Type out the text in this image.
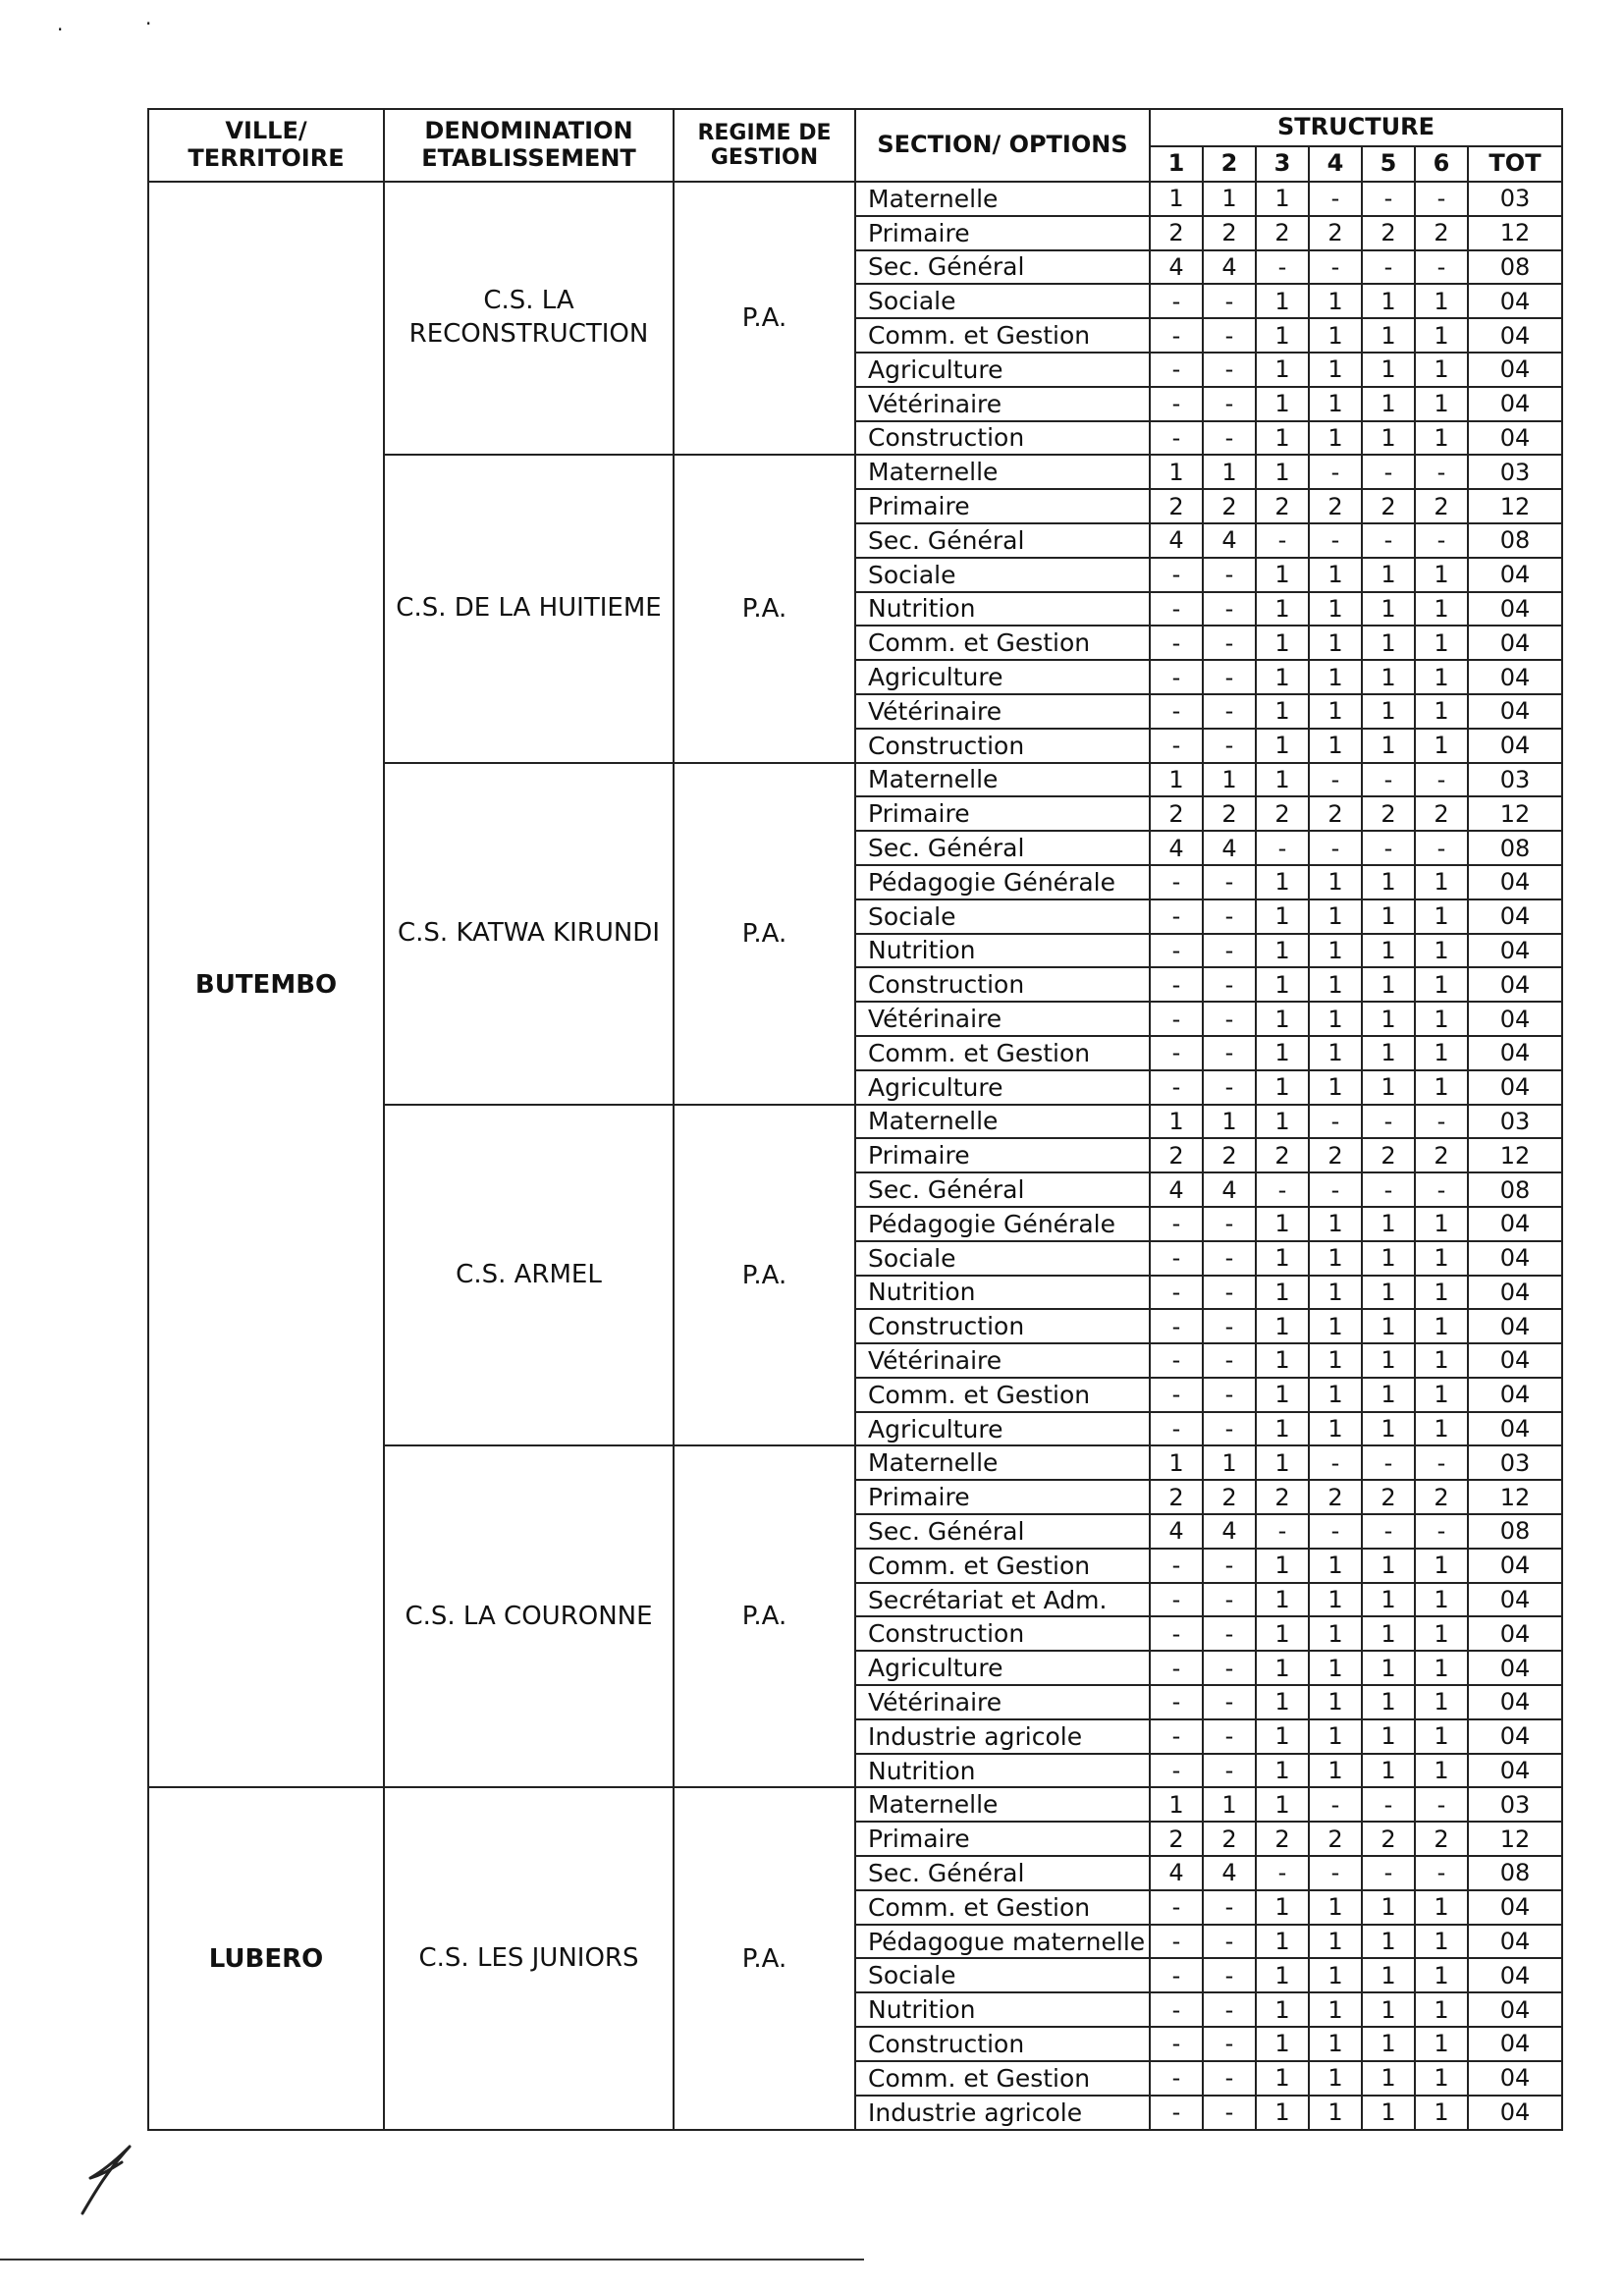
·	·
VILLE/ TERRITOIRE	DENOMINATION ETABLISSEMENT	REGIME DE GESTION	SECTION/ OPTIONS	STRUCTURE						
				1	2	3	4	5	6	TOT
BUTEMBO	C.S. LA RECONSTRUCTION	P.A.	Maternelle	1	1	1	-	-	-	03
			Primaire	2	2	2	2	2	2	12
			Sec. Général	4	4	-	-	-	-	08
			Sociale	-	-	1	1	1	1	04
			Comm. et Gestion	-	-	1	1	1	1	04
			Agriculture	-	-	1	1	1	1	04
			Vétérinaire	-	-	1	1	1	1	04
			Construction	-	-	1	1	1	1	04
	C.S. DE LA HUITIEME	P.A.	Maternelle	1	1	1	-	-	-	03
			Primaire	2	2	2	2	2	2	12
			Sec. Général	4	4	-	-	-	-	08
			Sociale	-	-	1	1	1	1	04
			Nutrition	-	-	1	1	1	1	04
			Comm. et Gestion	-	-	1	1	1	1	04
			Agriculture	-	-	1	1	1	1	04
			Vétérinaire	-	-	1	1	1	1	04
			Construction	-	-	1	1	1	1	04
	C.S. KATWA KIRUNDI	P.A.	Maternelle	1	1	1	-	-	-	03
			Primaire	2	2	2	2	2	2	12
			Sec. Général	4	4	-	-	-	-	08
			Pédagogie Générale	-	-	1	1	1	1	04
			Sociale	-	-	1	1	1	1	04
			Nutrition	-	-	1	1	1	1	04
			Construction	-	-	1	1	1	1	04
			Vétérinaire	-	-	1	1	1	1	04
			Comm. et Gestion	-	-	1	1	1	1	04
			Agriculture	-	-	1	1	1	1	04
	C.S. ARMEL	P.A.	Maternelle	1	1	1	-	-	-	03
			Primaire	2	2	2	2	2	2	12
			Sec. Général	4	4	-	-	-	-	08
			Pédagogie Générale	-	-	1	1	1	1	04
			Sociale	-	-	1	1	1	1	04
			Nutrition	-	-	1	1	1	1	04
			Construction	-	-	1	1	1	1	04
			Vétérinaire	-	-	1	1	1	1	04
			Comm. et Gestion	-	-	1	1	1	1	04
			Agriculture	-	-	1	1	1	1	04
	C.S. LA COURONNE	P.A.	Maternelle	1	1	1	-	-	-	03
			Primaire	2	2	2	2	2	2	12
			Sec. Général	4	4	-	-	-	-	08
			Comm. et Gestion	-	-	1	1	1	1	04
			Secrétariat et Adm.	-	-	1	1	1	1	04
			Construction	-	-	1	1	1	1	04
			Agriculture	-	-	1	1	1	1	04
			Vétérinaire	-	-	1	1	1	1	04
			Industrie agricole	-	-	1	1	1	1	04
			Nutrition	-	-	1	1	1	1	04
LUBERO	C.S. LES JUNIORS	P.A.	Maternelle	1	1	1	-	-	-	03
			Primaire	2	2	2	2	2	2	12
			Sec. Général	4	4	-	-	-	-	08
			Comm. et Gestion	-	-	1	1	1	1	04
			Pédagogue maternelle	-	-	1	1	1	1	04
			Sociale	-	-	1	1	1	1	04
			Nutrition	-	-	1	1	1	1	04
			Construction	-	-	1	1	1	1	04
			Comm. et Gestion	-	-	1	1	1	1	04
			Industrie agricole	-	-	1	1	1	1	04
